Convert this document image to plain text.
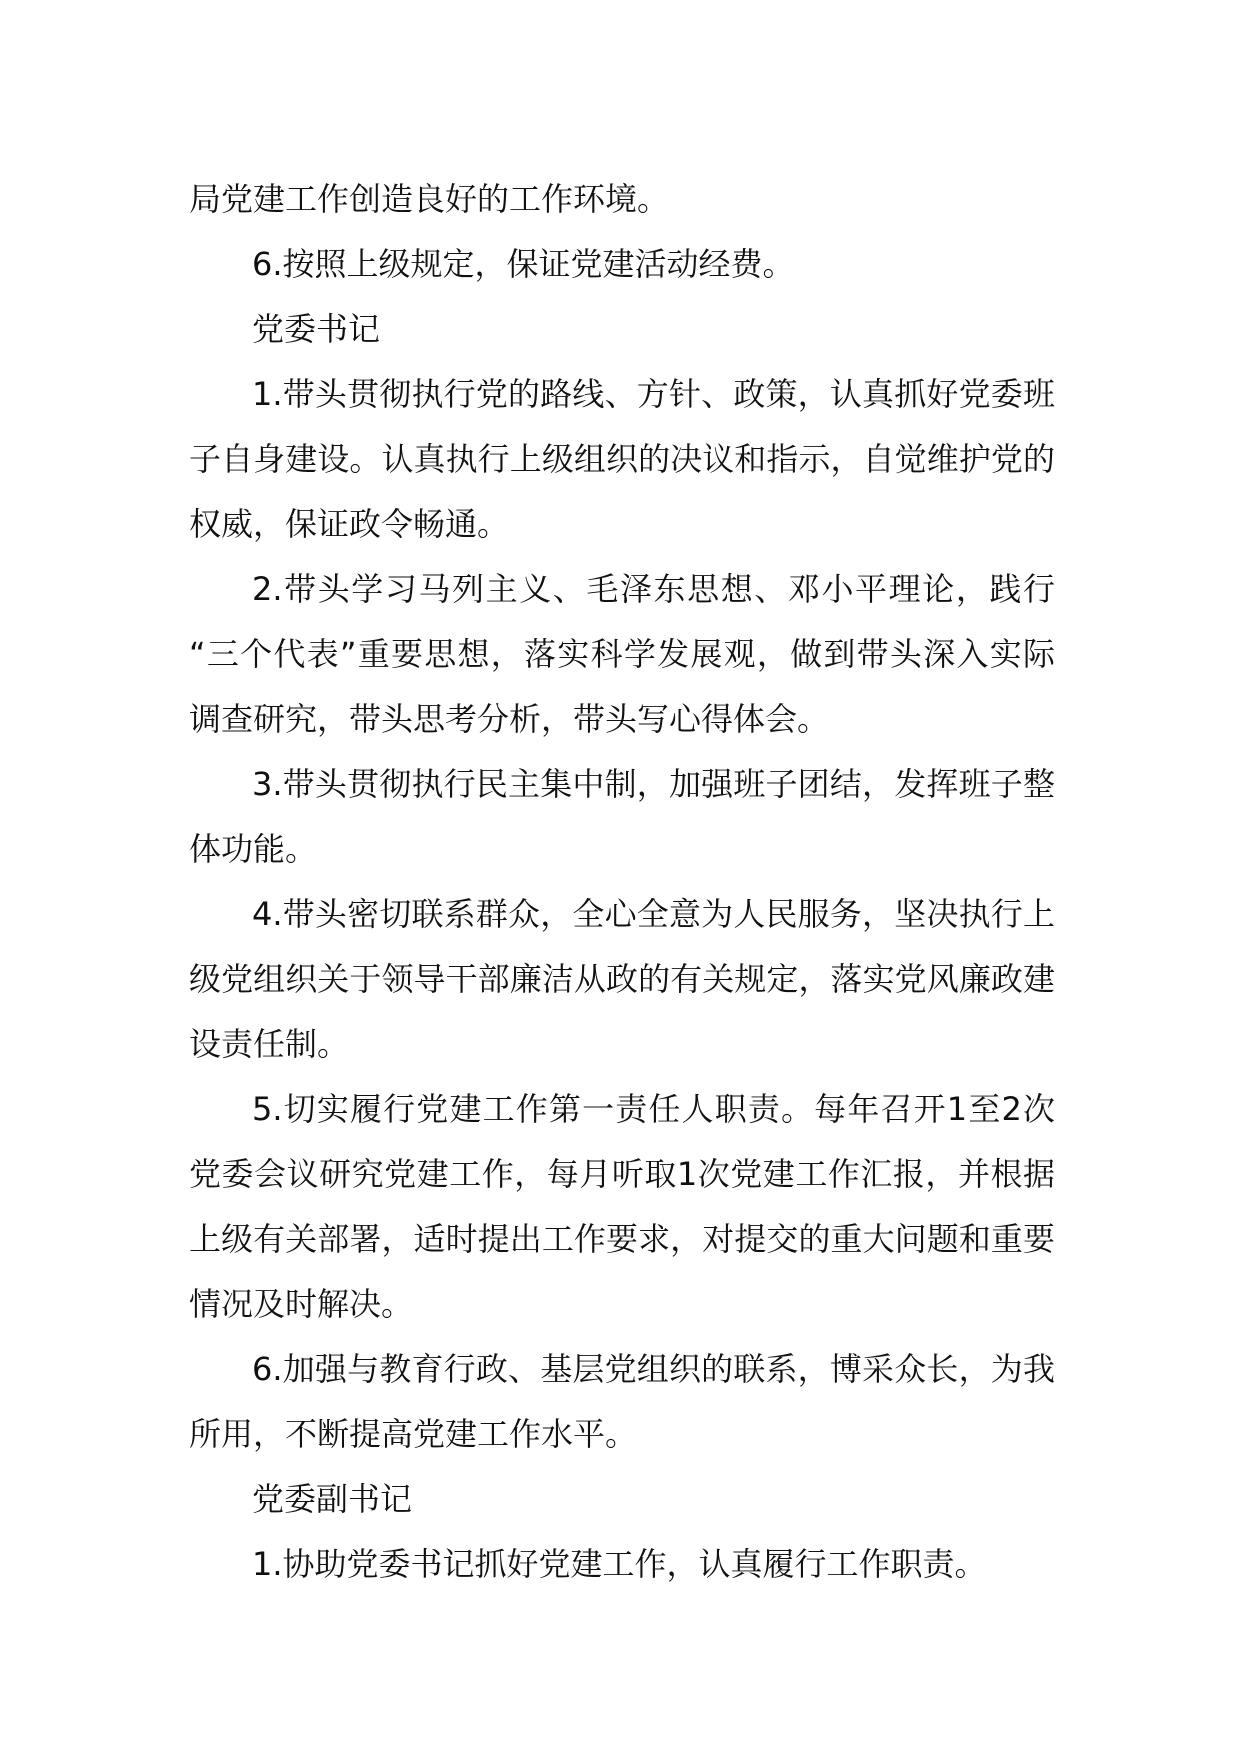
局党建工作创造良好的工作环境。
6.按照上级规定，保证党建活动经费。
党委书记
1.带头贯彻执行党的路线、方针、政策，认真抓好党委班
子自身建设。认真执行上级组织的决议和指示，自觉维护党的
权威，保证政令畅通。
2.带头学习马列主义、毛泽东思想、邓小平理论，践行
“三个代表”重要思想，落实科学发展观，做到带头深入实际
调查研究，带头思考分析，带头写心得体会。
3.带头贯彻执行民主集中制，加强班子团结，发挥班子整
体功能。
4.带头密切联系群众，全心全意为人民服务，坚决执行上
级党组织关于领导干部廉洁从政的有关规定，落实党风廉政建
设责任制。
5.切实履行党建工作第一责任人职责。每年召开1至2次
党委会议研究党建工作，每月听取1次党建工作汇报，并根据
上级有关部署，适时提出工作要求，对提交的重大问题和重要
情况及时解决。
6.加强与教育行政、基层党组织的联系，博采众长，为我
所用，不断提高党建工作水平。
党委副书记
1.协助党委书记抓好党建工作，认真履行工作职责。
